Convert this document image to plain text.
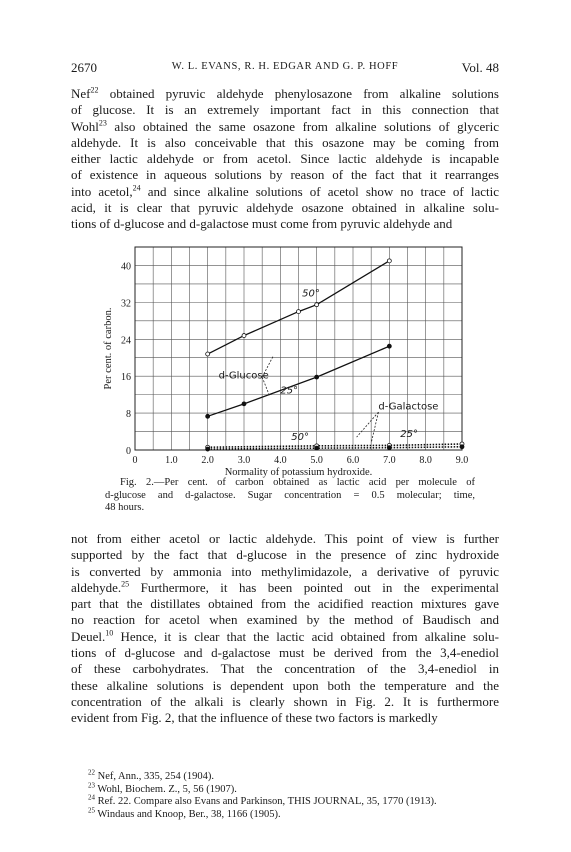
2670	W. L. EVANS, R. H. EDGAR AND G. P. HOFF	Vol. 48

Nef$^{22}$ obtained pyruvic aldehyde phenylosazone from alkaline solutions
of glucose. It is an extremely important fact in this connection that
Wohl$^{23}$ also obtained the same osazone from alkaline solutions of glyceric
aldehyde. It is also conceivable that this osazone may be coming from
either lactic aldehyde or from acetol. Since lactic aldehyde is incapable
of existence in aqueous solutions by reason of the fact that it rearranges
into acetol,$^{24}$ and since alkaline solutions of acetol show no trace of lactic
acid, it is clear that pyruvic aldehyde osazone obtained in alkaline solu-
tions of d-glucose and d-galactose must come from pyruvic aldehyde and

0	1.0 2.0 3.0 4.0 5.0 6.0 7.0 8.0 9.0
0
8
16
24
32
40
Normality of potassium hydroxide.
Per cent. of carbon.	d-Glucose
d-Galactose
50°
25°
50°	25°

Fig. 2.—Per cent. of carbon obtained as lactic acid per molecule of
d-glucose and d-galactose. Sugar concentration = 0.5 molecular; time,
48 hours.

not from either acetol or lactic aldehyde. This point of view is further
supported by the fact that d-glucose in the presence of zinc hydroxide
is converted by ammonia into methylimidazole, a derivative of pyruvic
aldehyde.$^{25}$ Furthermore, it has been pointed out in the experimental
part that the distillates obtained from the acidified reaction mixtures gave
no reaction for acetol when examined by the method of Baudisch and
Deuel.$^{10}$ Hence, it is clear that the lactic acid obtained from alkaline solu-
tions of d-glucose and d-galactose must be derived from the 3,4-enediol
of these carbohydrates. That the concentration of the 3,4-enediol in
these alkaline solutions is dependent upon both the temperature and the
concentration of the alkali is clearly shown in Fig. 2. It is furthermore
evident from Fig. 2, that the influence of these two factors is markedly

$^{22}$ Nef, Ann., 335, 254 (1904).
$^{23}$ Wohl, Biochem. Z., 5, 56 (1907).
$^{24}$ Ref. 22. Compare also Evans and Parkinson, THIS JOURNAL, 35, 1770 (1913).
$^{25}$ Windaus and Knoop, Ber., 38, 1166 (1905).
